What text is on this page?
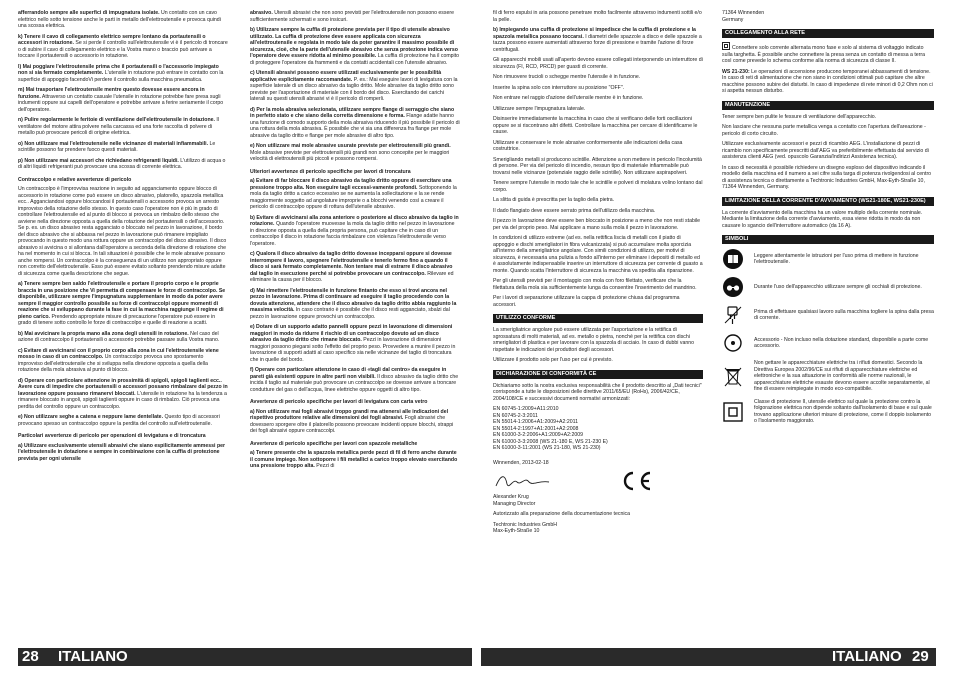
afferrandolo sempre alle superfici di impugnatura isolate. Un contatto con un cavo elettrico nello sotto tensione anche le parti in metallo dell'elettroutensile e provoca quindi una scossa elettrica.

k) Tenere il cavo di collegamento elettrico sempre lontano da portautensili o accessori in rotazione. Se si perde il controllo sull'elettroutensile vi è il pericolo di troncare o di subire il cavo di collegamento elettrico e la Vostra mano o braccio può arrivare a toccare il portautensili o accessorio in rotazione.

l) Mai poggiare l'elettroutensile prima che il portautensili o l'accessorio impiegato non si sia fermato completamente. L'utensile in rotazione può entrare in contatto con la superficie di appoggio facendoVi perdere il controllo sulla macchina pneumatica.

m) Mai trasportare l'elettroutensile mentre questo dovesse essere ancora in funzione. Attraverso un contatto casuale l'utensile in rotazione potrebbe fare presa sugli indumenti oppure sui capelli dell'operatore e potrebbe arrivare a ferire seriamente il corpo dell'operatore.

n) Pulire regolarmente le feritoie di ventilazione dell'elettroutensile in dotazione. Il ventilatore del motore attira polvere nella carcassa ed una forte raccolta di polvere di metallo può provocare pericoli di origine elettrica.

o) Non utilizzare mai l'elettroutensile nelle vicinanze di materiali infiammabili. Le scintille possono far prendere fuoco questi materiali.

p) Non utilizzare mai accessori che richiedano refrigeranti liquidi. L'utilizzo di acqua o di altri liquidi refrigeranti può provocare una scossa di corrente elettrica.

Contraccolpo e relative avvertenze di pericolo

Un contraccolpo è l'improvvisa reazione in seguito ad agganciamento oppure blocco di accessorio in rotazione come può essere un disco abrasivo, platorello, spazzola metallica ecc.. Agganciandosi oppure bloccandosi il portautensili o accessorio provoca un arresto improvviso della rotazione dello stesso. In questo caso l'operatore non è più in grado di controllare l'elettroutensile ed al punto di blocco si provoca un rimbalzo dello stesso che avviene nella direzione opposta a quella della rotazione del portautensili o dell'accessorio. Se p. es. un disco abrasivo resta agganciato o bloccato nel pezzo in lavorazione, il bordo del disco abrasivo che si abbassa nel pezzo in lavorazione può rimanere impigliato provocando in questo modo una rottura oppure un contraccolpo del disco abrasivo. Il disco abrasivo si avvicina o si allontana dall'operatore a seconda della direzione di rotazione che ha nel momento in cui si blocca. In tali situazioni è possibile che le mole abrasive possano anche rompersi. Un contraccolpo è la conseguenza di un utilizzo non appropriato oppure non corretto dell'elettroutensile. Esso può essere evitato soltanto prendendo misure adatte di sicurezza come quella descrizione che segue.

a) Tenere sempre ben saldo l'elettroutensile e portare il proprio corpo e le proprie braccia in una posizione che Vi permetta di compensare le forze di contraccolpo. Se disponibile, utilizzare sempre l'impugnatura supplementare in modo da poter avere sempre il maggior controllo possibile su forze di contraccolpi oppure momenti di reazione che si sviluppano durante la fase in cui la macchina raggiunge il regime di pieno carico. Prendendo appropriate misure di precauzione l'operatore può essere in grado di tenere sotto controllo le forze di contraccolpo e quelle di reazione a scatti.

b) Mai avvicinare la propria mano alla zona degli utensili in rotazione. Nel caso del azione di contraccolpo il portautensili o accessorio potrebbe passare sulla Vostra mano.

c) Evitare di avvicinarsi con il proprio corpo alla zona in cui l'elettroutensile viene mosso in caso di un contraccolpo. Un contraccolpo provoca uno spostamento improvviso dell'elettroutensile che si sviluppa nella direzione opposta a quella della rotazione della mola abrasiva al punto di blocco.

d) Operare con particolare attenzione in prossimità di spigoli, spigoli taglienti ecc.. Avere cura di impedire che portautensili o accessori possano rimbalzare dal pezzo in lavorazione oppure possano rimanervi bloccati. L'utensile in rotazione ha la tendenza a rimanere bloccato in angoli, spigoli taglienti oppure in caso di rimbalzo. Ciò provoca una perdita del controllo oppure un contraccolpo.

e) Non utilizzare seghe a catena e neppure lame dentellate. Questo tipo di accessori provocano spesso un contraccolpo oppure la perdita del controllo sull'elettroutensile.

Particolari avvertenze di pericolo per operazioni di levigatura e di troncatura

a) Utilizzare esclusivamente utensili abrasivi che siano espilicitamente ammessi per l'elettroutensile in dotazione e sempre in combinazione con la cuffia di protezione prevista per ogni utensile

abrasivo. Utensili abrasivi che non sono previsti per l'elettroutensile non possono essere sufficientemente schermati e sono insicuri.

b) Utilizzare sempre la cuffia di protezione prevista per il tipo di utensile abrasivo utilizzato. La cuffia di protezione deve essere applicata con sicurezza all'elettroutensile e regolata in modo tale da poter garantire il massimo possibile di sicurezza, cioè, che la parte dell'utensile abrasivo che senza protezione indica verso l'operatore deve essere ridotta al minimo possibile. La cuffia di protezione ha il compito di proteggere l'operatore da frammenti e da contatti accidentali con l'utensile abrasivo.

c) Utensili abrasivi possono essere utilizzati esclusivamente per le possibilità applicative esplicitamente raccomandate. P. es.: Mai eseguire lavori di levigatura con la superficie laterale di un disco abrasivo da taglio dritto. Mole abrasive da taglio dritto sono previste per l'asportazione di materiale con il bordo del disco. Esercitando dei carichi laterali su questi utensili abrasivi vi è il pericolo di romperli.

d) Per la mola abrasiva selezionata, utilizzare sempre flange di serraggio che siano in perfetto stato e che siano della corretta dimensione e forma. Flange adatte hanno una funzione di comodo supporto della mola abrasiva riducendo il più possibile il pericolo di una rottura della mola abrasiva. È possibile che vi sia una differenza fra flange per mole abrasive da taglio dritto e flange per mole abrasive di altro tipo.

e) Non utilizzare mai mole abrasive usurate previste per elettroutensili più grandi. Mole abrasive previste per elettroutensili più grandi non sono concepite per le maggiori velocità di elettroutensili più piccoli e possono rompersi.

Ulteriori avvertenze di pericolo specifiche per lavori di troncatura

a) Evitare di far bloccare il disco abrasivo da taglio dritto oppure di esercitare una pressione troppo alta. Non eseguire tagli eccessi-vamente profondi. Sottoponendo la mola da taglio dritto a carico eccessivo se ne aumenta la sollecitazione e la se rende maggiormente soggetto ad angolature improprie o a blocchi venendo così a creare il pericolo di contraccolpo oppure di rottura dell'utensile abrasivo.

b) Evitare di avvicinarsi alla zona anteriore o posteriore al disco abrasivo da taglio in rotazione. Quando l'operatore muovesse la mola da taglio dritto nel pezzo in lavorazione in direzione opposta a quella della propria persona, può capitare che in caso di un contraccolpo il disco in rotazione faccia rimbalzare con violenza l'elettroutensile verso l'operatore.

c) Qualora il disco abrasivo da taglio dritto dovesse incepparsi oppure si dovesse interrompere il lavoro, spegnere l'elettroutensile e tenerlo fermo fino a quando il disco si sarà fermato completamente. Non tentare mai di estrarre il disco abrasivo dal taglio in esecuzione perché si potrebbe provocare un contraccolpo. Rilevare ed eliminare la causa per il blocco.

d) Mai rimettere l'elettroutensile in funzione fintanto che esso si trovi ancora nel pezzo in lavorazione. Prima di continuare ad eseguire il taglio procedendo con la dovuta attenzione, attendere che il disco abrasivo da taglio dritto abbia raggiunto la massima velocità. In caso contrario è possibile che il disco resti agganciato, sbalzi dal pezzo in lavorazione oppure provochi un contraccolpo.

e) Dotare di un supporto adatto pannelli oppure pezzi in lavorazione di dimensioni maggiori in modo da ridurre il rischio di un contraccolpo dovuto ad un disco abrasivo da taglio dritto che rimane bloccato. Pezzi in lavorazione di dimensioni maggiori possono piegarsi sotto l'effetto del proprio peso. Provvedere a munire il pezzo in lavorazione di supporti adatti al caso specifico sia nelle vicinanze del taglio di troncatura che in quelle del bordo.

f) Operare con particolare attenzione in caso di «tagli dal centro» da eseguire in pareti già esistenti oppure in altre parti non visibili. Il disco abrasivo da taglio dritto che incida il taglio sul materiale può provocare un contraccolpo se dovesse arrivare a troncare condutture del gas o dell'acqua, linee elettriche oppure oggetti di altro tipo.

Avvertenze di pericolo specifiche per lavori di levigatura con carta vetro

a) Non utilizzare mai fogli abrasivi troppo grandi ma attenersi alle indicazioni del rispettivo produttore relative alle dimensioni dei fogli abrasivi. Fogli abrasivi che dovessero sporgere oltre il platorello possono provocare incidenti oppure blocchi, strappi dei fogli abrasivi oppure contraccolpi.

Avvertenze di pericolo specifiche per lavori con spazzole metalliche

a) Tenere presente che la spazzola metallica perde pezzi di fil di ferro anche durante il comune impiego. Non sottoporre i fili metallici a carico troppo elevato esercitando una pressione troppo alta. Pezzi di

fil di ferro espulsi in aria possono penetrare molto facilmente attraverso indumenti sottili e/o la pelle.

b) Impiegando una cuffia di protezione si impedisce che la cuffia di protezione e la spazzola metallica possano toccarsi. I diametri delle spazzole a disco e delle spazzole a tazza possono essere aumentati attraverso forze di pressione e tramite l'azione di forze centrifugali.

Gli apparecchi mobili usati all'aperto devono essere collegati interponendo un interruttore di sicurezza (FI, RCD, PRCD) per guasti di corrente.

Non rimuovere trucioli o schegge mentre l'utensile è in funzione.

Inserire la spina solo con interruttore su posizione "OFF".

Non entrare nel raggio d'azione dell'utensile mentre è in funzione.

Utilizzare sempre l'impugnatura laterale.

Disinserire immediatamente la macchina in caso che si verificano delle forti oscillazioni oppure se si riscontrano altri difetti. Controllare la macchina per cercare di identificarne le cause.

Utilizzare e conservare le mole abrasive conformemente alle indicazioni della casa costruttrice.

Smerigliando metalli si producono scintille. Attenzione a non mettere in pericolo l'incolumità di persone. Per via del pericolo di incendio, nessun tipo di materiale infiammabile può trovarsi nelle vicinanze (potenziale raggio delle scintille). Non utilizzare aspirapolveri.

Tenere sempre l'utensile in modo tale che le scintille e polveri di molatura volino lontano dal corpo.

La slitta di guida è prescritta per la taglio della pietra.

Il dado flangiato deve essere serrato prima dell'utilizzo della macchina.

Il pezzo in lavorazione deve essere ben bloccato in posizione a meno che non resti stabile per via del proprio peso. Mai applicare a mano sulla mola il pezzo in lavorazione.

In condizioni di utilizzo estreme (ad es. nella rettifica liscia di metalli con il piatto di appoggio e dischi smerigliatori in fibra vulcanizzata) si può accumulare molta sporcizia all'interno della smerigliatrice angolare. Con simili condizioni di utilizzo, per motivi di sicurezza, è necessaria una pulizia a fondo all'interno per eliminare i depositi di metallo ed è assolutamente indispensabile inserire un interruttore di sicurezza per corrente di guasto a monte. Quando scatta l'interruttore di sicurezza la macchina va spedita alla riparazione.

Per gli utensili previsti per il montaggio con mola con foro filettato, verificare che la filettatura della mola sia sufficientemente lunga da consentire l'inserimento del mandrino.

Per i lavori di separazione utilizzare la cappa di protezione chiusa dal programma accessori.

UTILIZZO CONFORME

La smerigliatrice angolare può essere utilizzata per l'asportazione e la rettifica di sgrossatura di molti materiali, ad es. metallo o pietra, nonché per la rettifica con dischi smerigliatori di plastica e per lavorare con la spazzola di acciaio. In caso di dubbi vanno rispettate le indicazioni dei produttori degli accessori.

Utilizzare il prodotto solo per l'uso per cui è previsto.

DICHIARAZIONE DI CONFORMITÀ CE

Dichiariamo sotto la nostra esclusiva responsabilità che il prodotto descritto al „Dati tecnici" corrisponde a tutte le disposizioni delle direttive 2011/65/EU (RoHs), 2006/42/CE, 2004/108/CE e successivi documenti normativi armonizzati:

EN 60745-1:2009+A11:2010
EN 60745-2-3:2011
EN 55014-1:2006+A1:2009+A2:2011
EN 55014-2:1997+A1:2001+A2:2008
EN 61000-3-2:2006+A1:2009+A2:2009
EN 61000-3-3:2008 (WS 21-180 E, WS 21-230 E)
EN 61000-3-11:2001 (WS 21-180, WS 21-230)

Winnenden, 2013-02-18

Alexander Krug
Managing Director
Autorizzato alla preparazione della documentazione tecnica
Techtronic Industries GmbH
Max-Eyth-Straße 10
71364 Winnenden
Germany
COLLEGAMENTO ALLA RETE

Connettere solo corrente alternata mono fase e solo al sistema di voltaggio indicato sulla targhetta. È possibile anche connettere la presa senza un contatto di messa a terra così come prevede lo schema conforme alla norma di sicurezza di classe II.

WS 21-230: Le operazioni di accensione producono temporanei abbassamenti di tensione. In caso di reti di alimentazione che non siano in condizioni ottimali può capitare che altre macchine possono subire dei disturbi. In caso di impedenze di rete minori di 0,2 Ohm non ci si aspetta nessun disturbo.

MANUTENZIONE

Tener sempre ben pulite le fessure di ventilazione dell'apparecchio.

Non lasciare che nessuna parte metallica venga a contatto con l'apertura dell'areazione - pericolo di corto circuito.

Utilizzare esclusivamente accessori e pezzi di ricambio AEG. L'installazione di pezzi di ricambio non specificamente prescritti dall'AEG va preferibilmente effettuata dal servizio di assistenza clienti AEG (ved. opuscolo Garanzia/Indirizzi Assistenza tecnica).

In caso di necessità è possibile richiedere un disegno esploso del dispositivo indicando il modello della macchina ed il numero a sei cifre sulla targa di potenza rivolgendosi al centro di assistenza tecnica o direttamente a Techtronic Industries GmbH, Max-Eyth-Straße 10, 71364 Winnenden, Germany.

LIMITAZIONE DELLA CORRENTE D'AVVIAMENTO (WS21-180E, WS21-230E)

La corrente d'avviamento della macchina ha un valore multiplo della corrente nominale. Mediante la limitazione della corrente d'avviamento, essa viene ridotta in modo da non causare lo sgancio dell'interruttore automatico (da 16 A).

SIMBOLI
Leggere attentamente le istruzioni per l'uso prima di mettere in funzione l'elettroutensile.
Durante l'uso dell'apparecchio utilizzare sempre gli occhiali di protezione.
Prima di effettuare qualsiasi lavoro sulla macchina togliere la spina dalla presa di corrente.
Accessorio - Non incluso nella dotazione standard, disponibile a parte come accessorio.
Non gettare le apparecchiature elettriche tra i rifiuti domestici. Secondo la Direttiva Europea 2002/96/CE sui rifiuti di apparecchiature elettriche ed elettroniche e la sua attuazione in conformità alle norme nazionali, le apparecchiature elettriche esauste devono essere accolte separatamente, al fine di essere reimpiegate in modo eco-compatibile.
Classe di protezione II, utensile elettrico sul quale la protezione contro la folgorazione elettrica non dipende soltanto dall'isolamento di base e sul quale trovano applicazione ulteriori misure di protezione, come il doppio isolamento o l'isolamento maggiorato.
28 ITALIANO	ITALIANO 29
